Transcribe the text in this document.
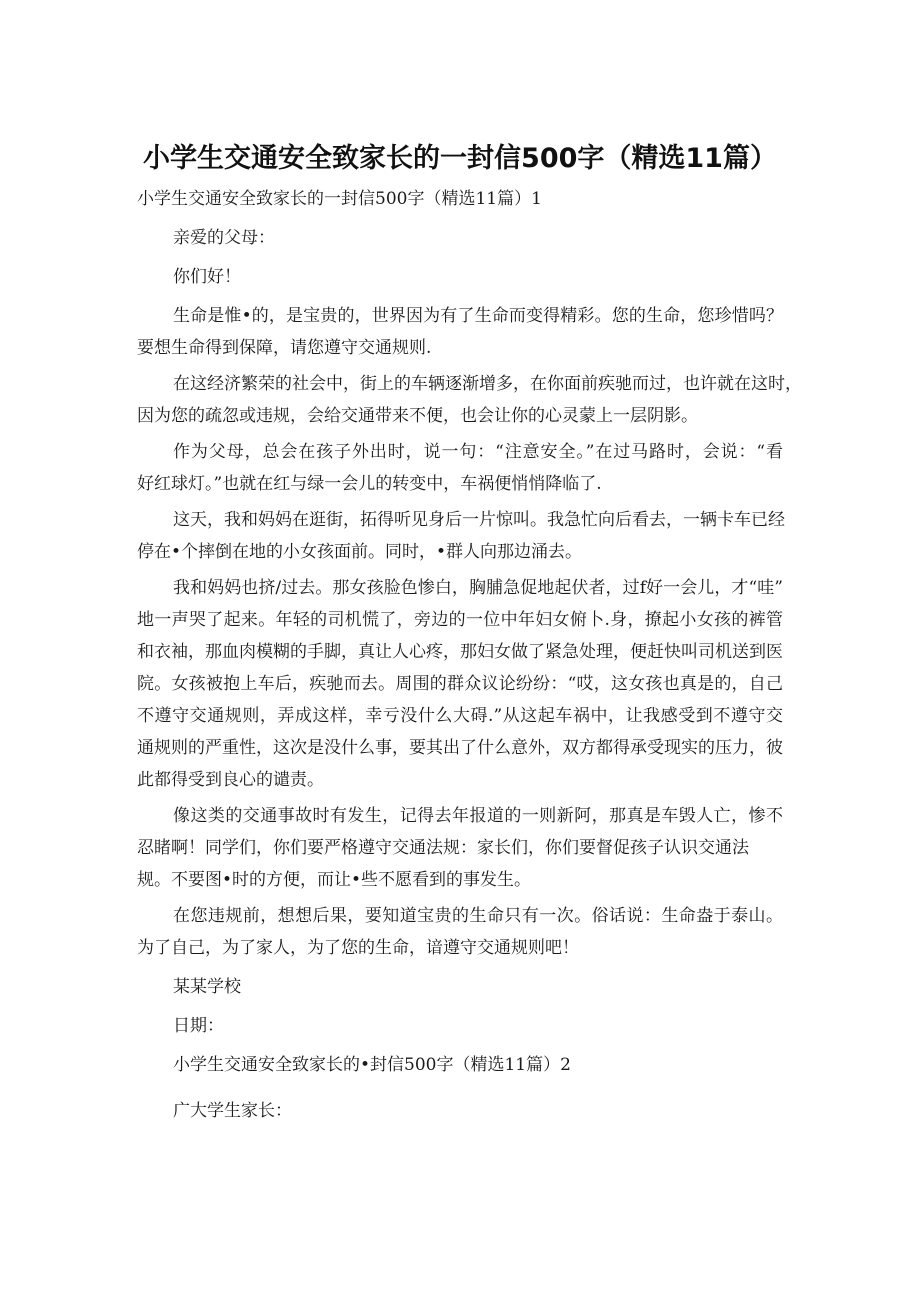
小学生交通安全致家长的一封信500字（精选11篇）
小学生交通安全致家长的一封信500字（精选11篇）1
亲爱的父母：
你们好！
生命是惟•的，是宝贵的，世界因为有了生命而变得精彩。您的生命，您珍惜吗？
要想生命得到保障，请您遵守交通规则.
在这经济繁荣的社会中，街上的车辆逐渐增多，在你面前疾驰而过，也许就在这时，
因为您的疏忽或违规，会给交通带来不便，也会让你的心灵蒙上一层阴影。
作为父母，总会在孩子外出时，说一句：“注意安全。”在过马路时，会说：“看
好红球灯。”也就在红与绿一会儿的转变中，车祸便悄悄降临了.
这天，我和妈妈在逛街，拓得听见身后一片惊叫。我急忙向后看去，一辆卡车已经
停在•个摔倒在地的小女孩面前。同时，•群人向那边涌去。
我和妈妈也挤/过去。那女孩脸色惨白，胸脯急促地起伏者，过f好一会儿，才“哇”
地一声哭了起来。年轻的司机慌了，旁边的一位中年妇女俯卜.身，撩起小女孩的裤管
和衣袖，那血肉模糊的手脚，真让人心疼，那妇女做了紧急处理，便赶快叫司机送到医
院。女孩被抱上车后，疾驰而去。周围的群众议论纷纷：“哎，这女孩也真是的，自己
不遵守交通规则，弄成这样，幸亏没什么大碍.”从这起车祸中，让我感受到不遵守交
通规则的严重性，这次是没什么事，要其出了什么意外，双方都得承受现实的压力，彼
此都得受到良心的谴责。
像这类的交通事故时有发生，记得去年报道的一则新阿，那真是车毁人亡，惨不
忍睹啊！同学们，你们要严格遵守交通法规：家长们，你们要督促孩子认识交通法
规。不要图•时的方便，而让•些不愿看到的事发生。
在您违规前，想想后果，要知道宝贵的生命只有一次。俗话说：生命盎于泰山。
为了自己，为了家人，为了您的生命，谙遵守交通规则吧！
某某学校
日期：
小学生交通安全致家长的•封信500字（精选11篇）2
广大学生家长：
